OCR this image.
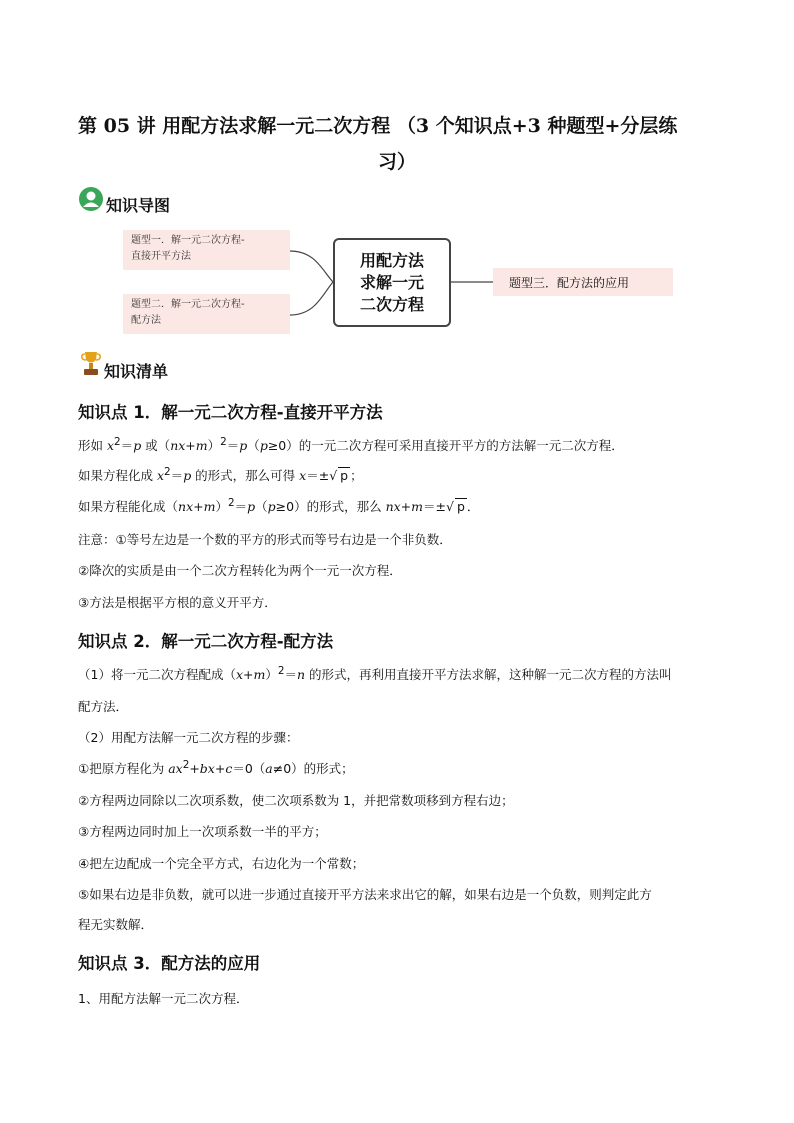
第 05 讲 用配方法求解一元二次方程 （3 个知识点+3 种题型+分层练
习）
知识导图
题型一．解一元二次方程-
直接开平方法
题型二．解一元二次方程-
配方法
用配方法
求解一元
二次方程
题型三．配方法的应用
知识清单
知识点 1．解一元二次方程-直接开平方法
形如 $x^2=p$ 或$(nx+m)^2=p(p\ge 0)$的一元二次方程可采用直接开平方的方法解一元二次方程．
如果方程化成 $x^2=p$ 的形式，那么可得 x＝±√ p ；
如果方程能化成$(nx+m)^2=p(p\ge 0)$的形式，那么 nx+m＝±√ p ．
注意：①等号左边是一个数的平方的形式而等号右边是一个非负数．
②降次的实质是由一个二次方程转化为两个一元一次方程．
③方法是根据平方根的意义开平方．
知识点 2．解一元二次方程-配方法
（1）将一元二次方程配成$(x+m)^2=n$ 的形式，再利用直接开平方法求解，这种解一元二次方程的方法叫
配方法．
（2）用配方法解一元二次方程的步骤：
①把原方程化为 $ax^2+bx+c=0(a\ne 0)$的形式；
②方程两边同除以二次项系数，使二次项系数为 1，并把常数项移到方程右边；
③方程两边同时加上一次项系数一半的平方；
④把左边配成一个完全平方式，右边化为一个常数；
⑤如果右边是非负数，就可以进一步通过直接开平方法来求出它的解，如果右边是一个负数，则判定此方
程无实数解．
知识点 3．配方法的应用
1、用配方法解一元二次方程．
